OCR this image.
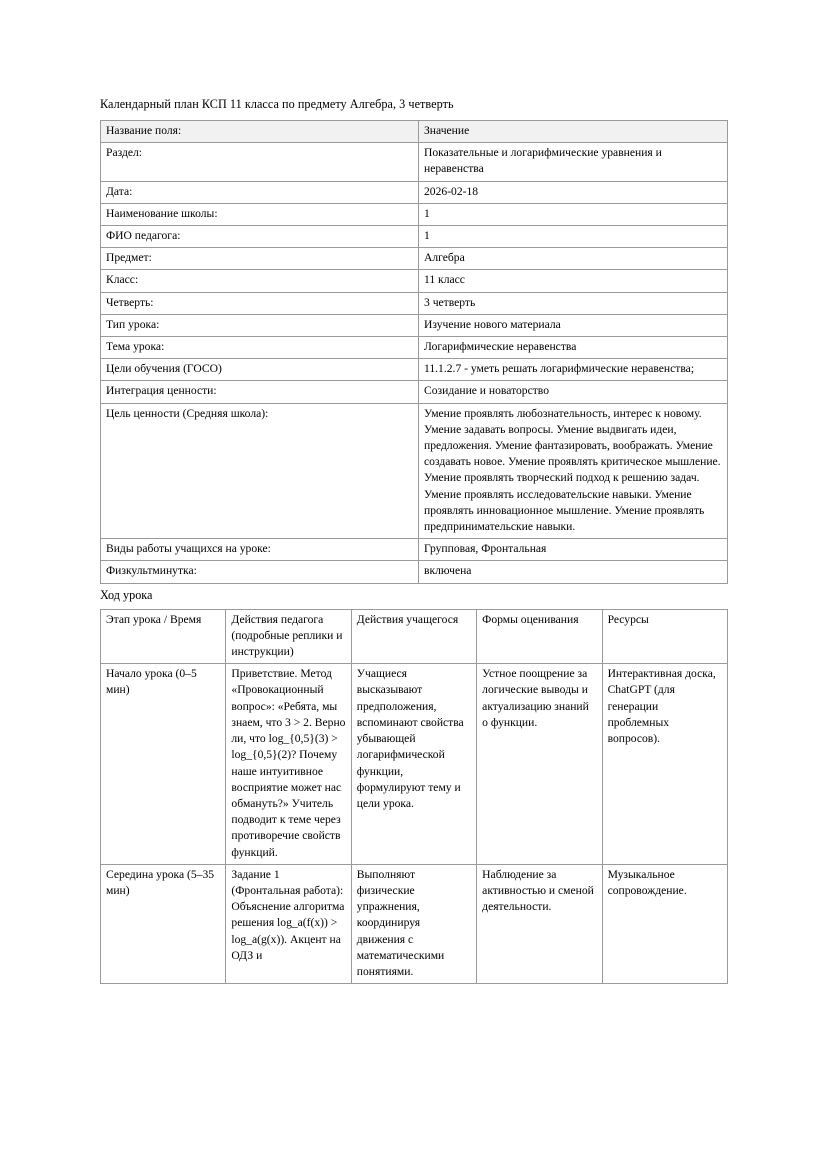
Календарный план КСП 11 класса по предмету Алгебра, 3 четверть
Название поля:	Значение
Раздел:	Показательные и логарифмические уравнения и неравенства
Дата:	2026-02-18
Наименование школы:	1
ФИО педагога:	1
Предмет:	Алгебра
Класс:	11 класс
Четверть:	3 четверть
Тип урока:	Изучение нового материала
Тема урока:	Логарифмические неравенства
Цели обучения (ГОСО)	11.1.2.7 - уметь решать логарифмические неравенства;
Интеграция ценности:	Созидание и новаторство
Цель ценности (Средняя школа):	Умение проявлять любознательность, интерес к новому. Умение задавать вопросы. Умение выдвигать идеи, предложения. Умение фантазировать, воображать. Умение создавать новое. Умение проявлять критическое мышление. Умение проявлять творческий подход к решению задач. Умение проявлять исследовательские навыки. Умение проявлять инновационное мышление. Умение проявлять предпринимательские навыки.
Виды работы учащихся на уроке:	Групповая, Фронтальная
Физкультминутка:	включена
Ход урока
Этап урока / Время	Действия педагога (подробные реплики и инструкции)	Действия учащегося	Формы оценивания	Ресурсы
Начало урока (0–5 мин)	Приветствие. Метод «Провокационный вопрос»: «Ребята, мы знаем, что 3 > 2. Верно ли, что log_{0,5}(3) > log_{0,5}(2)? Почему наше интуитивное восприятие может нас обмануть?» Учитель подводит к теме через противоречие свойств функций.	Учащиеся высказывают предположения, вспоминают свойства убывающей логарифмической функции, формулируют тему и цели урока.	Устное поощрение за логические выводы и актуализацию знаний о функции.	Интерактивная доска, ChatGPT (для генерации проблемных вопросов).
Середина урока (5–35 мин)	Задание 1 (Фронтальная работа): Объяснение алгоритма решения log_a(f(x)) > log_a(g(x)). Акцент на ОДЗ и	Выполняют физические упражнения, координируя движения с математическими понятиями.	Наблюдение за активностью и сменой деятельности.	Музыкальное сопровождение.
